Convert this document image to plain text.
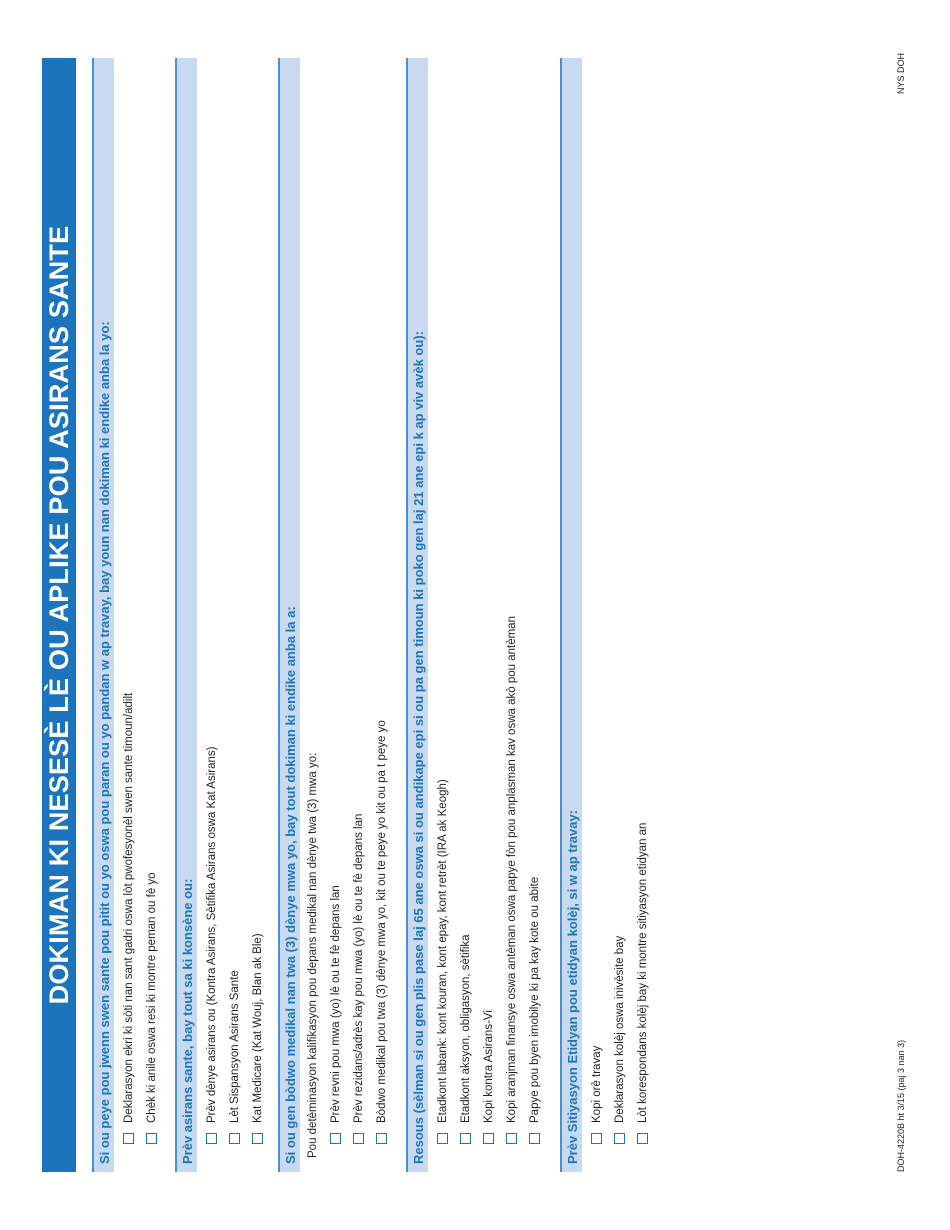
DOKIMAN KI NESESÈ LÈ OU APLIKE POU ASIRANS SANTE	Si ou peye pou jwenn swen sante pou pitit ou yo oswa pou paran ou yo pandan w ap travay, bay youn nan dokiman ki endike anba la yo: Deklarasyon ekri ki sòti nan sant gadri oswa lòt pwofesyonèl swen sante timoun/adilt Chèk ki anile oswa resi ki montre peman ou fè yo	Prèv asirans sante, bay tout sa ki konsène ou: Prèv dènye asirans ou (Kontra Asirans, Sètifika Asirans oswa Kat Asirans) Lèt Sispansyon Asirans Sante Kat Medicare (Kat Wouj, Blan ak Ble)	Si ou gen bòdwo medikal nan twa (3) dènye mwa yo, bay tout dokiman ki endike anba la a: Pou detèminasyon kalifikasyon pou depans medikal nan dènye twa (3) mwa yo: Prèv revni pou mwa (yo) lè ou te fè depans lan Prèv rezidans/adrès kay pou mwa (yo) lè ou te fè depans lan Bòdwo medikal pou twa (3) dènye mwa yo, kit ou te peye yo kit ou pa t peye yo	Resous (sèlman si ou gen plis pase laj 65 ane oswa si ou andikape epi si ou pa gen timoun ki poko gen laj 21 ane epi k ap viv avèk ou): Etadkont labank: kont kouran, kont epay, kont retrèt (IRA ak Keogh) Etadkont aksyon, obligasyon, sètifika Kopi kontra Asirans-Vi Kopi aranjman finansye oswa antèman oswa papye fòn pou anplasman kav oswa akò pou antèman Papye pou byen imobilye ki pa kay kote ou abite	Prèv Sitiyasyon Etidyan pou etidyan kolèj, si w ap travay: Kopi orè travay Deklarasyon kolèj oswa inivèsite bay Lòt korespondans kolèj bay ki montre sitiyasyon etidyan an	DOH-4220B ht 3/15 (paj 3 nan 3)
NYS DOH
